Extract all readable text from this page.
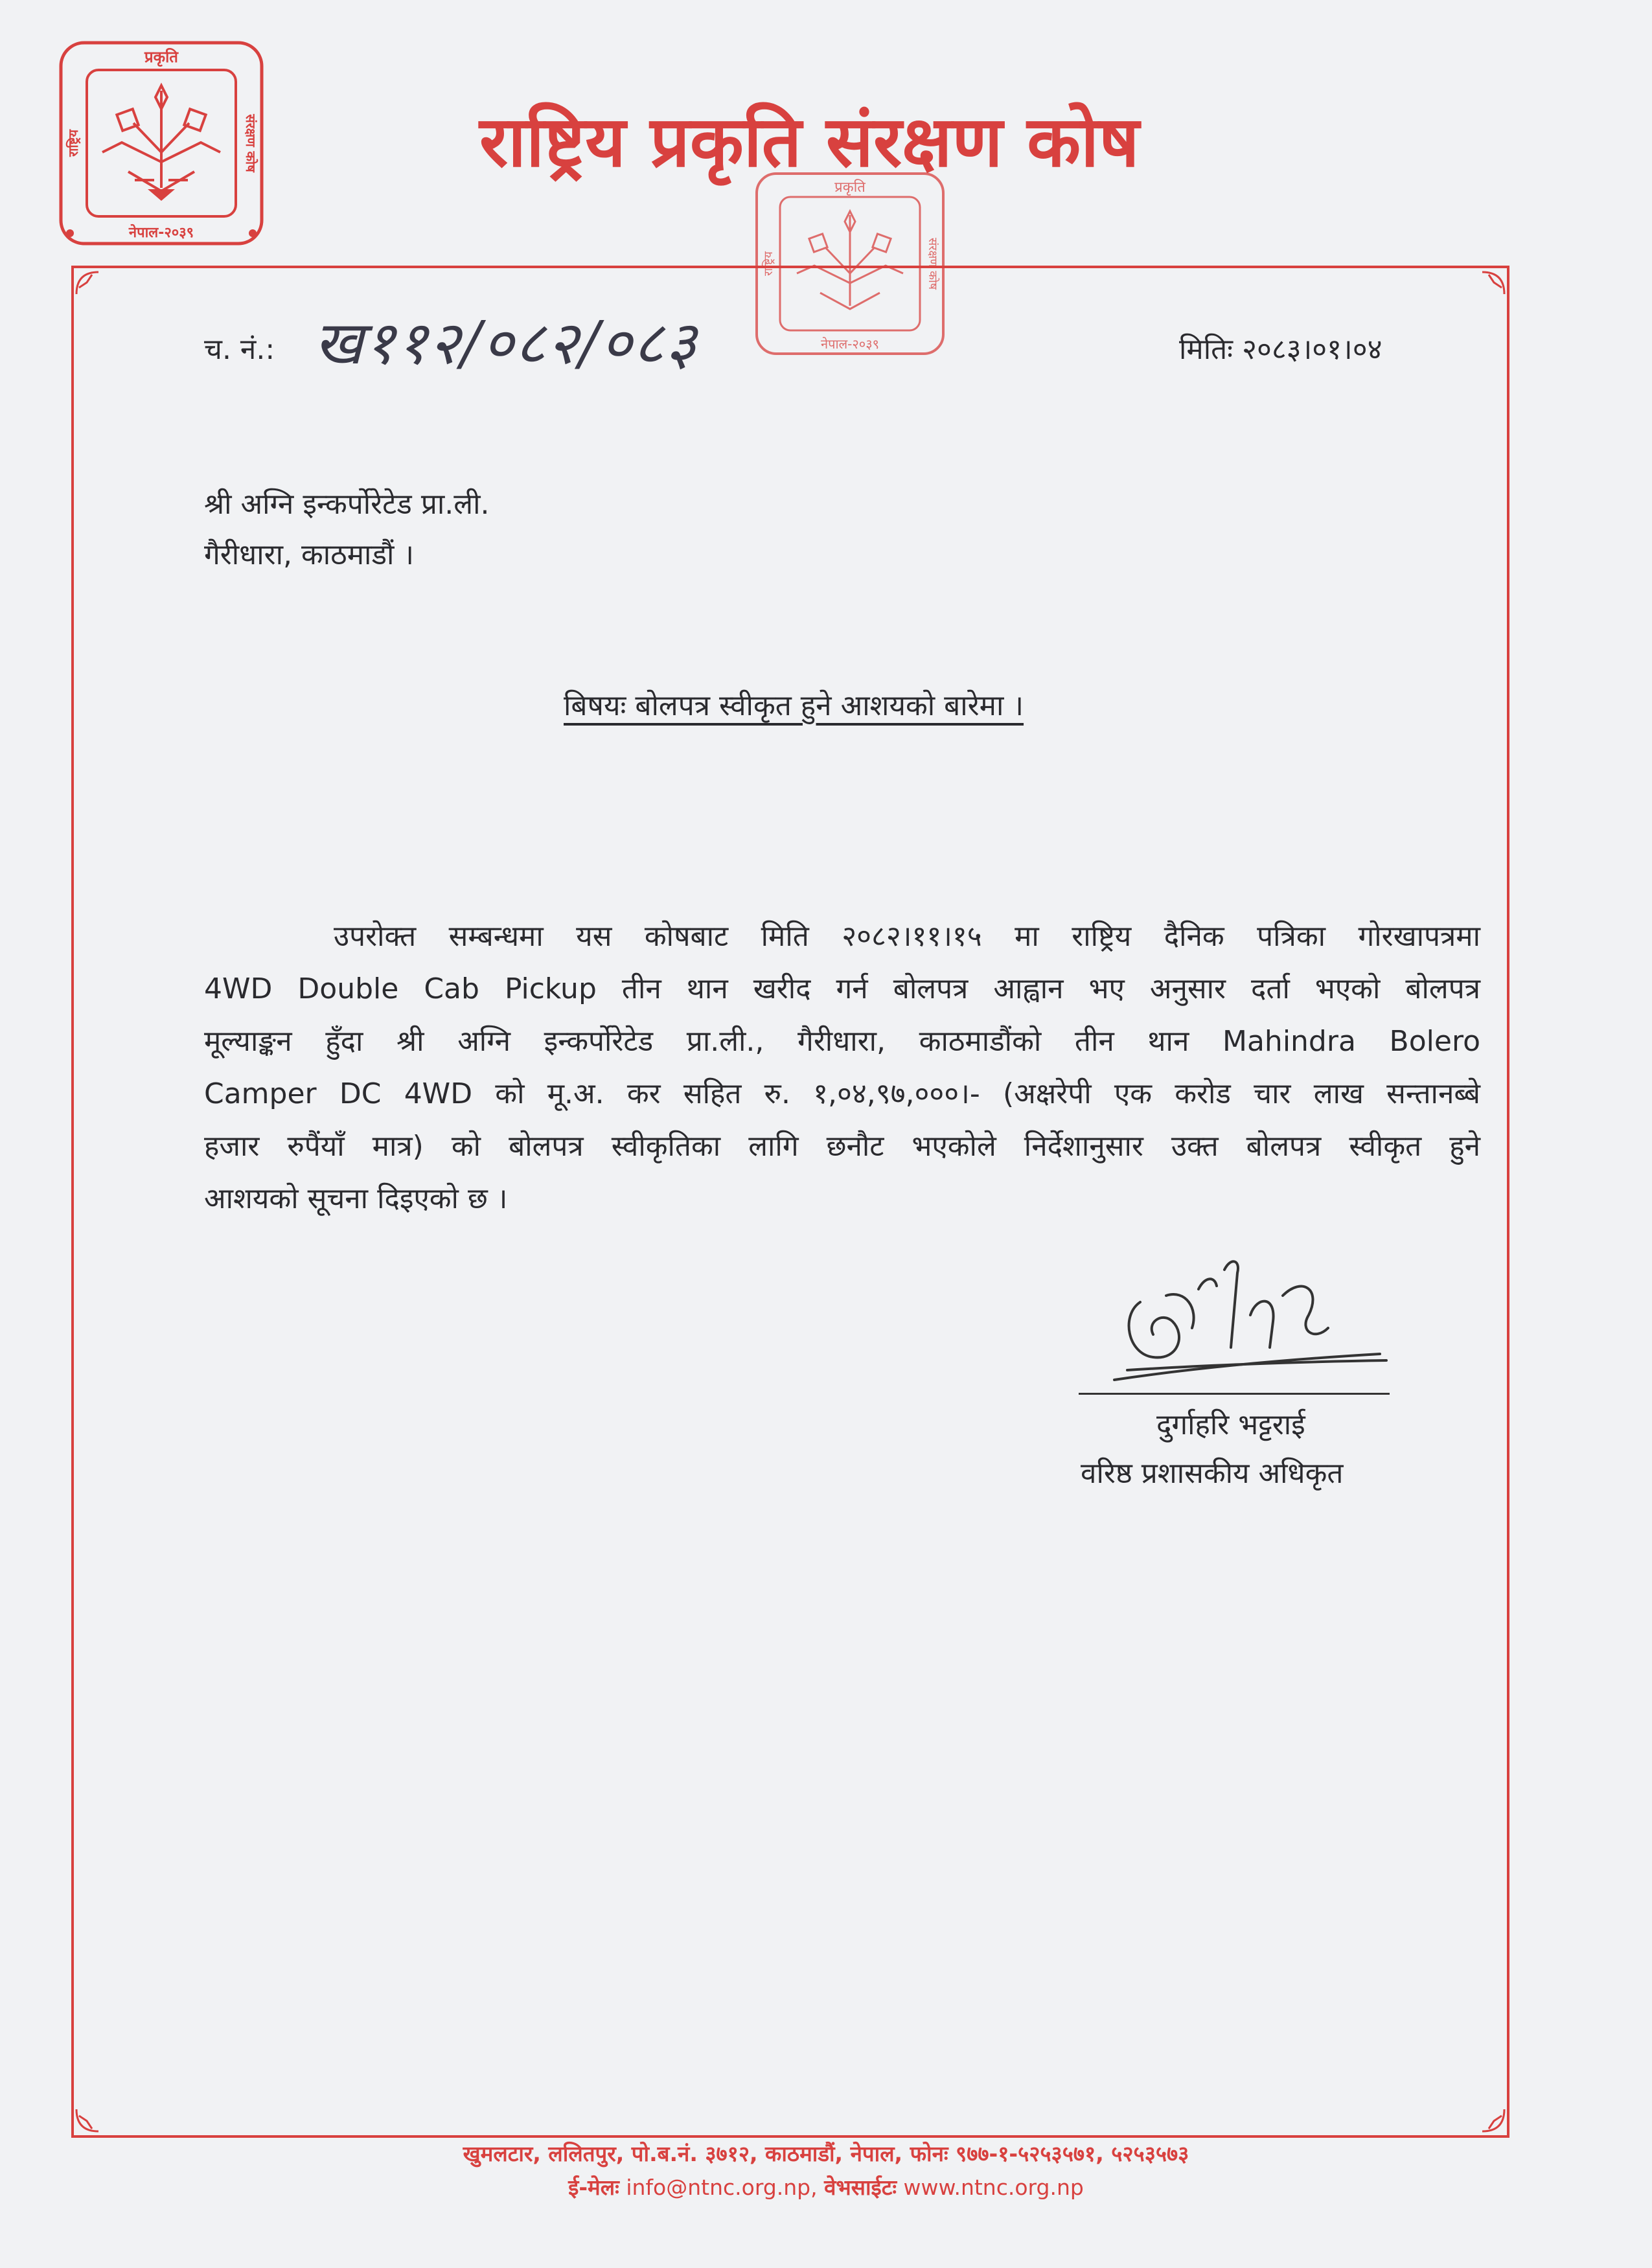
प्रकृति
नेपाल-२०३९
राष्ट्रिय	संरक्षण कोष	राष्ट्रिय प्रकृति संरक्षण कोष
प्रकृति
नेपाल-२०३९
राष्ट्रिय	संरक्षण कोष
च. नं.: ख११२/०८२/०८३	मितिः २०८३।०१।०४
श्री अग्नि इन्कर्पोरेटेड प्रा.ली.
गैरीधारा, काठमाडौं ।
बिषयः बोलपत्र स्वीकृत हुने आशयको बारेमा ।
उपरोक्त सम्बन्धमा यस कोषबाट मिति २०८२।११।१५ मा राष्ट्रिय दैनिक पत्रिका गोरखापत्रमा
4WD Double Cab Pickup तीन थान खरीद गर्न बोलपत्र आह्वान भए अनुसार दर्ता भएको बोलपत्र
मूल्याङ्कन हुँदा श्री अग्नि इन्कर्पोरेटेड प्रा.ली., गैरीधारा, काठमाडौंको तीन थान Mahindra Bolero
Camper DC 4WD को मू.अ. कर सहित रु. १,०४,९७,०००।- (अक्षरेपी एक करोड चार लाख सन्तानब्बे
हजार रुपैंयाँ मात्र) को बोलपत्र स्वीकृतिका लागि छनौट भएकोले निर्देशानुसार उक्त बोलपत्र स्वीकृत हुने
आशयको सूचना दिइएको छ ।
दुर्गाहरि भट्टराई
वरिष्ठ प्रशासकीय अधिकृत
खुमलटार, ललितपुर, पो.ब.नं. ३७१२, काठमाडौं, नेपाल, फोनः ९७७-१-५२५३५७१, ५२५३५७३
ई-मेलः info@ntnc.org.np, वेभसाईटः www.ntnc.org.np
